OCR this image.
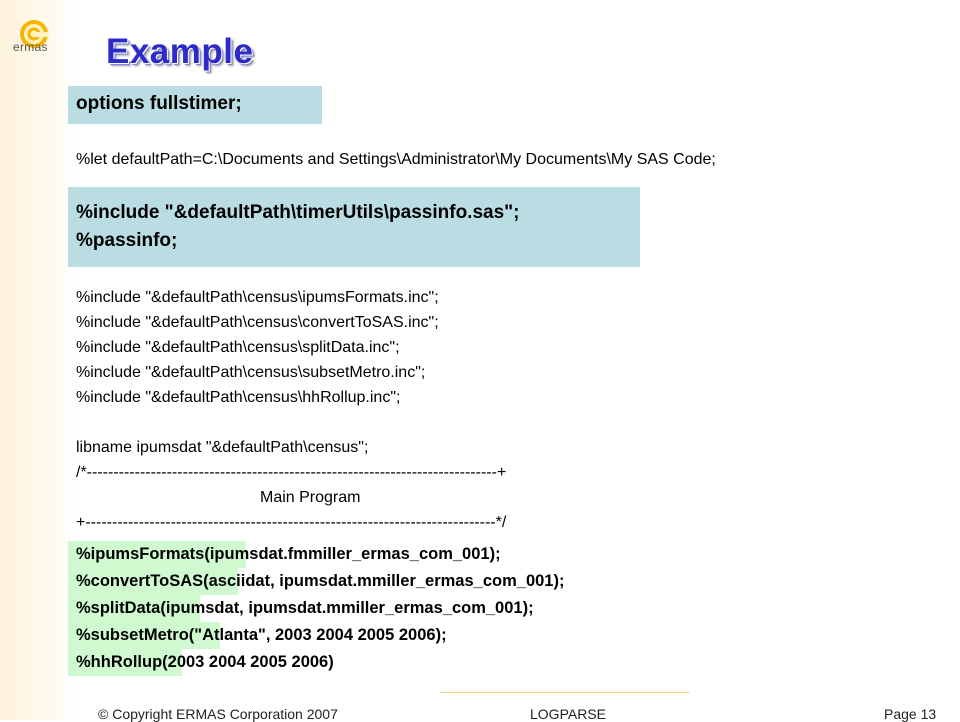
ermas Example
options fullstimer;
%let defaultPath=C:\Documents and Settings\Administrator\My Documents\My SAS Code;
%include "&defaultPath\timerUtils\passinfo.sas";
%passinfo;
%include "&defaultPath\census\ipumsFormats.inc";
%include "&defaultPath\census\convertToSAS.inc";
%include "&defaultPath\census\splitData.inc";
%include "&defaultPath\census\subsetMetro.inc";
%include "&defaultPath\census\hhRollup.inc";
libname ipumsdat "&defaultPath\census";
/*-----------------------------------------------------------------------------+
Main Program
+-----------------------------------------------------------------------------*/
%ipumsFormats(ipumsdat.fmmiller_ermas_com_001);
%convertToSAS(asciidat, ipumsdat.mmiller_ermas_com_001);
%splitData(ipumsdat, ipumsdat.mmiller_ermas_com_001);
%subsetMetro("Atlanta", 2003 2004 2005 2006);
%hhRollup(2003 2004 2005 2006)
© Copyright ERMAS Corporation 2007	LOGPARSE	Page 13
